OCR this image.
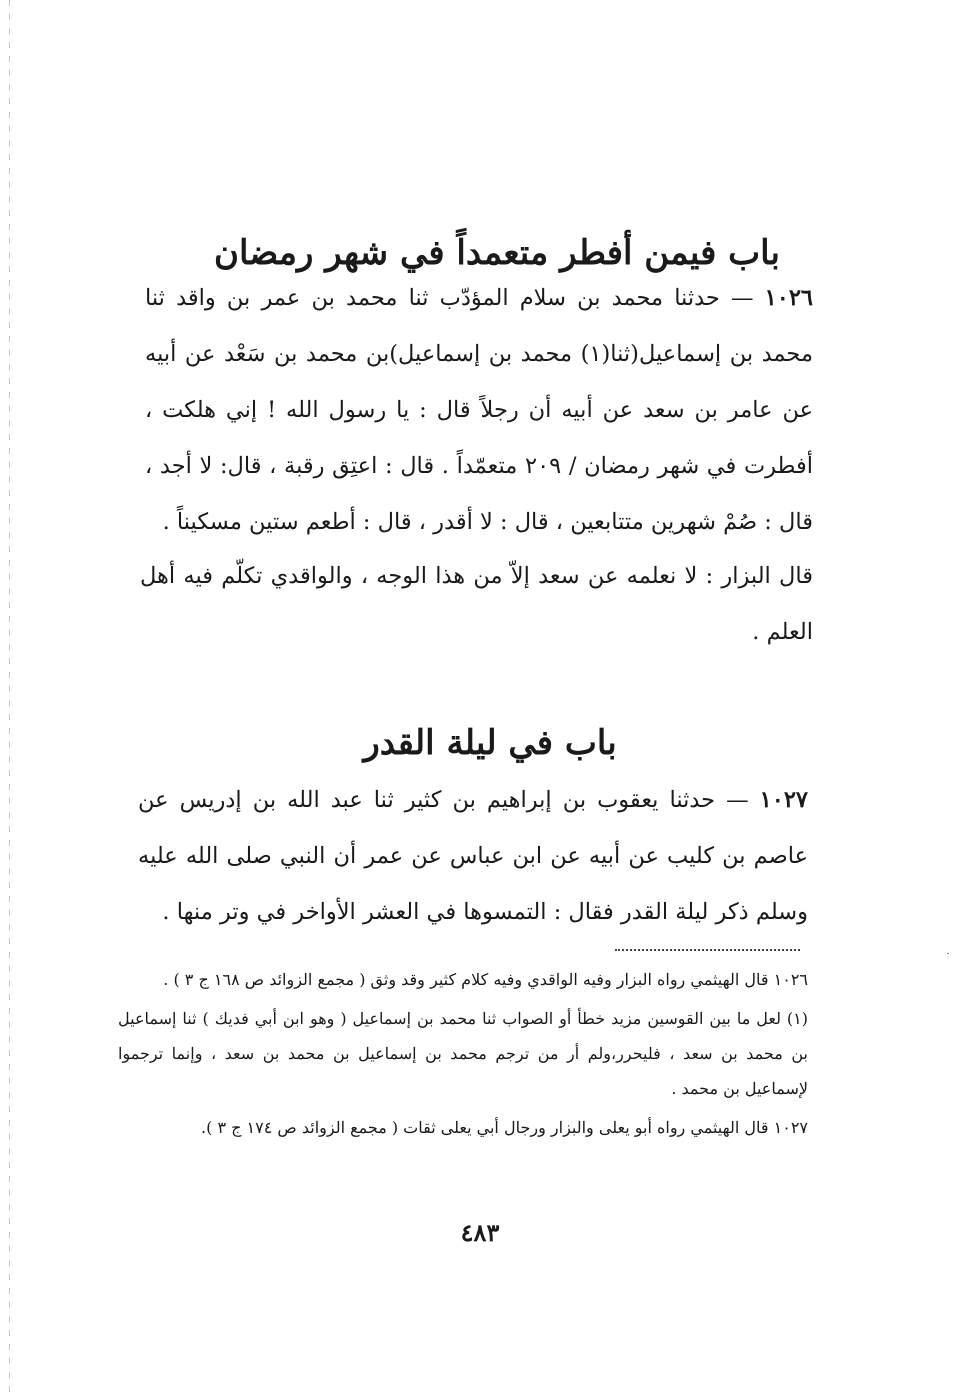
باب فيمن أفطر متعمداً في شهر رمضان

١٠٢٦ — حدثنا محمد بن سلام المؤدّب ثنا محمد بن عمر بن واقد ثنا محمد بن إسماعيل(ثنا(١) محمد بن إسماعيل)بن محمد بن سَعْد عن أبيه عن عامر بن سعد عن أبيه أن رجلاً قال : يا رسول الله ! إني هلكت ، أفطرت في شهر رمضان / ٢٠٩ متعمّداً . قال : اعتِق رقبة ، قال: لا أجد ، قال : صُمْ شهرين متتابعين ، قال : لا أقدر ، قال : أطعم ستين مسكيناً .

قال البزار : لا نعلمه عن سعد إلاّ من هذا الوجه ، والواقدي تكلّم فيه أهل العلم .

باب في ليلة القدر

١٠٢٧ — حدثنا يعقوب بن إبراهيم بن كثير ثنا عبد الله بن إدريس عن عاصم بن كليب عن أبيه عن ابن عباس عن عمر أن النبي صلى الله عليه وسلم ذكر ليلة القدر فقال : التمسوها في العشر الأواخر في وتر منها .

١٠٢٦ قال الهيثمي رواه البزار وفيه الواقدي وفيه كلام كثير وقد وثق ( مجمع الزوائد ص ١٦٨ ج ٣ ) .

(١) لعل ما بين القوسين مزيد خطأ أو الصواب ثنا محمد بن إسماعيل ( وهو ابن أبي فديك ) ثنا إسماعيل بن محمد بن سعد ، فليحرر،ولم أر من ترجم محمد بن إسماعيل بن محمد بن سعد ، وإنما ترجموا لإسماعيل بن محمد .

١٠٢٧ قال الهيثمي رواه أبو يعلى والبزار ورجال أبي يعلى ثقات ( مجمع الزوائد ص ١٧٤ ج ٣ ).

٤٨٣
